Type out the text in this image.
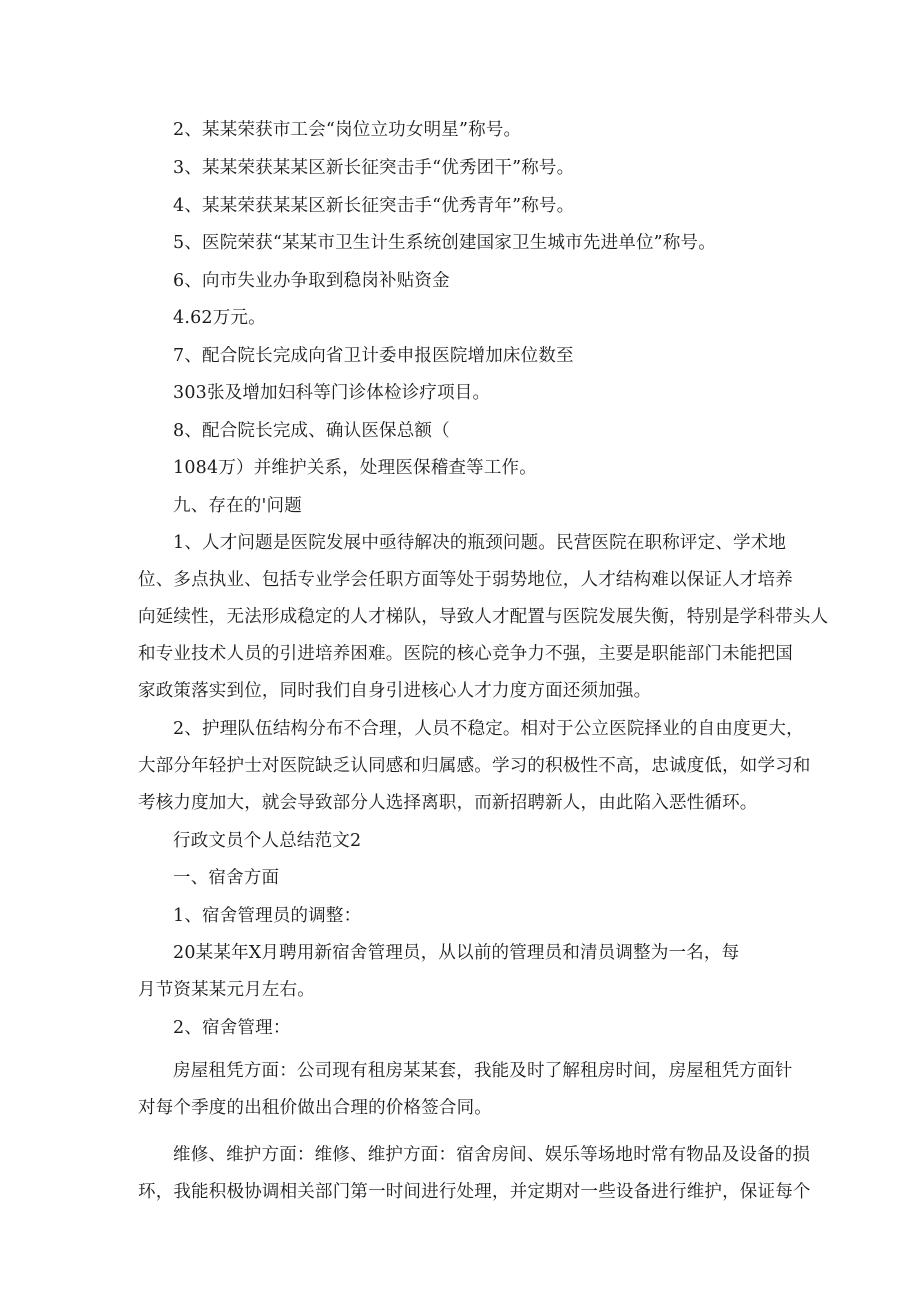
2、某某荣获市工会“岗位立功女明星”称号。

3、某某荣获某某区新长征突击手“优秀团干”称号。

4、某某荣获某某区新长征突击手“优秀青年”称号。

5、医院荣获“某某市卫生计生系统创建国家卫生城市先进单位”称号。

6、向市失业办争取到稳岗补贴资金

4.62万元。

7、配合院长完成向省卫计委申报医院增加床位数至

303张及增加妇科等门诊体检诊疗项目。

8、配合院长完成、确认医保总额（

1084万）并维护关系，处理医保稽查等工作。

九、存在的'问题

1、人才问题是医院发展中亟待解决的瓶颈问题。民营医院在职称评定、学术地

位、多点执业、包括专业学会任职方面等处于弱势地位，人才结构难以保证人才培养

向延续性，无法形成稳定的人才梯队，导致人才配置与医院发展失衡，特别是学科带头人

和专业技术人员的引进培养困难。医院的核心竞争力不强，主要是职能部门未能把国

家政策落实到位，同时我们自身引进核心人才力度方面还须加强。

2、护理队伍结构分布不合理，人员不稳定。相对于公立医院择业的自由度更大，

大部分年轻护士对医院缺乏认同感和归属感。学习的积极性不高，忠诚度低，如学习和

考核力度加大，就会导致部分人选择离职，而新招聘新人，由此陷入恶性循环。

行政文员个人总结范文2

一、宿舍方面

1、宿舍管理员的调整：

20某某年X月聘用新宿舍管理员，从以前的管理员和清员调整为一名，每

月节资某某元月左右。

2、宿舍管理：

房屋租凭方面：公司现有租房某某套，我能及时了解租房时间，房屋租凭方面针

对每个季度的出租价做出合理的价格签合同。

维修、维护方面：维修、维护方面：宿舍房间、娱乐等场地时常有物品及设备的损

环，我能积极协调相关部门第一时间进行处理，并定期对一些设备进行维护，保证每个
